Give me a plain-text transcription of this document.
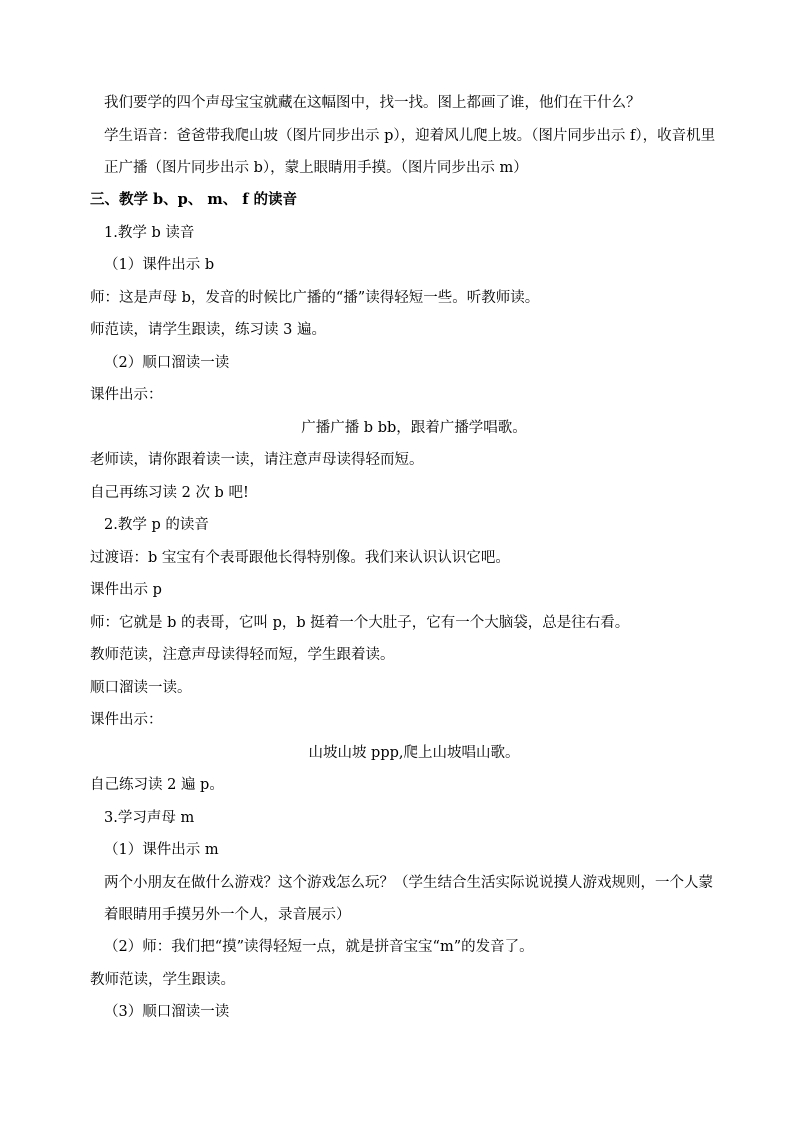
我们要学的四个声母宝宝就藏在这幅图中，找一找。图上都画了谁，他们在干什么？

学生语音：爸爸带我爬山坡（图片同步出示 p），迎着风儿爬上坡。（图片同步出示 f），收音机里正广播（图片同步出示 b），蒙上眼睛用手摸。（图片同步出示 m）

三、教学 b、p、 m、 f 的读音

1.教学 b 读音

（1）课件出示 b

师：这是声母 b，发音的时候比广播的“播”读得轻短一些。听教师读。

师范读，请学生跟读，练习读 3 遍。

（2）顺口溜读一读

课件出示：

广播广播 b bb，跟着广播学唱歌。

老师读，请你跟着读一读，请注意声母读得轻而短。

自己再练习读 2 次 b 吧!

2.教学 p 的读音

过渡语：b 宝宝有个表哥跟他长得特别像。我们来认识认识它吧。

课件出示 p

师：它就是 b 的表哥，它叫 p，b 挺着一个大肚子，它有一个大脑袋，总是往右看。

教师范读，注意声母读得轻而短，学生跟着读。

顺口溜读一读。

课件出示：

山坡山坡 ppp,爬上山坡唱山歌。

自己练习读 2 遍 p。

3.学习声母 m

（1）课件出示 m

两个小朋友在做什么游戏？这个游戏怎么玩？（学生结合生活实际说说摸人游戏规则，一个人蒙着眼睛用手摸另外一个人，录音展示）

（2）师：我们把“摸”读得轻短一点，就是拼音宝宝“m”的发音了。

教师范读，学生跟读。

（3）顺口溜读一读
